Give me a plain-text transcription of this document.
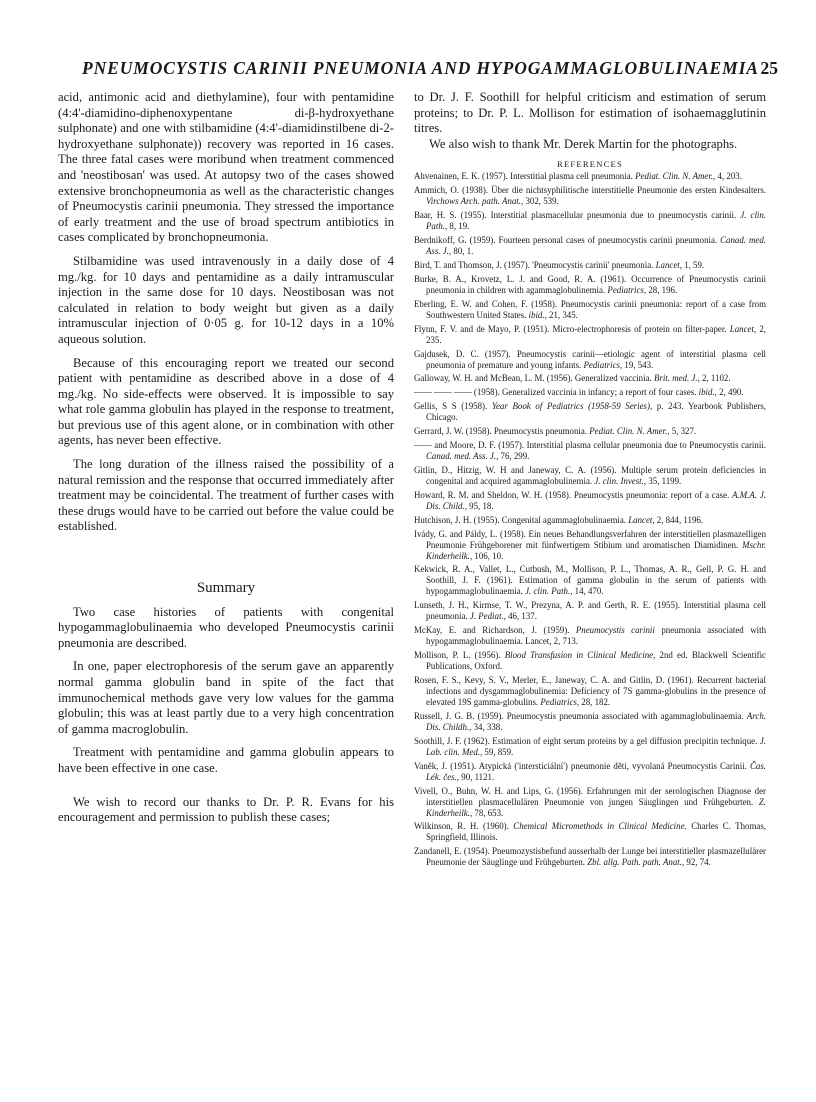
PNEUMOCYSTIS CARINII PNEUMONIA AND HYPOGAMMAGLOBULINAEMIA 25

acid, antimonic acid and diethylamine), four with pentamidine (4:4'-diamidino-diphenoxypentane di-β-hydroxyethane sulphonate) and one with stilbamidine (4:4'-diamidinstilbene di-2-hydroxyethane sulphonate)) recovery was reported in 16 cases. The three fatal cases were moribund when treatment commenced and 'neostibosan' was used. At autopsy two of the cases showed extensive bronchopneumonia as well as the characteristic changes of Pneumocystis carinii pneumonia. They stressed the importance of early treatment and the use of broad spectrum antibiotics in cases complicated by bronchopneumonia.

Stilbamidine was used intravenously in a daily dose of 4 mg./kg. for 10 days and pentamidine as a daily intramuscular injection in the same dose for 10 days. Neostibosan was not calculated in relation to body weight but given as a daily intramuscular injection of 0·05 g. for 10-12 days in a 10% aqueous solution.

Because of this encouraging report we treated our second patient with pentamidine as described above in a dose of 4 mg./kg. No side-effects were observed. It is impossible to say what role gamma globulin has played in the response to treatment, but previous use of this agent alone, or in combination with other agents, has never been effective.

The long duration of the illness raised the possibility of a natural remission and the response that occurred immediately after treatment may be coincidental. The treatment of further cases with these drugs would have to be carried out before the value could be established.

Summary

Two case histories of patients with congenital hypogammaglobulinaemia who developed Pneumocystis carinii pneumonia are described.

In one, paper electrophoresis of the serum gave an apparently normal gamma globulin band in spite of the fact that immunochemical methods gave very low values for the gamma globulin; this was at least partly due to a very high concentration of gamma macroglobulin.

Treatment with pentamidine and gamma globulin appears to have been effective in one case.

We wish to record our thanks to Dr. P. R. Evans for his encouragement and permission to publish these cases;

to Dr. J. F. Soothill for helpful criticism and estimation of serum proteins; to Dr. P. L. Mollison for estimation of isohaemagglutinin titres.

We also wish to thank Mr. Derek Martin for the photographs.

REFERENCES

Ahvenainen, E. K. (1957). Interstitial plasma cell pneumonia. Pediat. Clin. N. Amer., 4, 203.

Ammich, O. (1938). Über die nichtsyphilitische interstitielle Pneumonie des ersten Kindesalters. Virchows Arch. path. Anat., 302, 539.

Baar, H. S. (1955). Interstitial plasmacellular pneumonia due to pneumocystis carinii. J. clin. Path., 8, 19.

Berdnikoff, G. (1959). Fourteen personal cases of pneumocystis carinii pneumonia. Canad. med. Ass. J., 80, 1.

Bird, T. and Thomson, J. (1957). 'Pneumocystis carinii' pneumonia. Lancet, 1, 59.

Burke, B. A., Krovetz, L. J. and Good, R. A. (1961). Occurrence of Pneumocystis carinii pneumonia in children with agammaglobulinemia. Pediatrics, 28, 196.

Eberling, E. W. and Cohen, F. (1958). Pneumocystis carinii pneumonia: report of a case from Southwestern United States. ibid., 21, 345.

Flynn, F. V. and de Mayo, P. (1951). Micro-electrophoresis of protein on filter-paper. Lancet, 2, 235.

Gajdusek, D. C. (1957). Pneumocystis carinii—etiologic agent of interstitial plasma cell pneumonia of premature and young infants. Pediatrics, 19, 543.

Galloway, W. H. and McBean, L. M. (1956). Generalized vaccinia. Brit. med. J., 2, 1102.

—— —— —— (1958). Generalized vaccinia in infancy; a report of four cases. ibid., 2, 490.

Gellis, S S (1958). Year Book of Pediatrics (1958-59 Series), p. 243. Yearbook Publishers, Chicago.

Gerrard, J. W. (1958). Pneumocystis pneumonia. Pediat. Clin. N. Amer., 5, 327.

—— and Moore, D. F. (1957). Interstitial plasma cellular pneumonia due to Pneumocystis carinii. Canad. med. Ass. J., 76, 299.

Gitlin, D., Hitzig, W. H and Janeway, C. A. (1956). Multiple serum protein deficiencies in congenital and acquired agammaglobulinemia. J. clin. Invest., 35, 1199.

Howard, R. M. and Sheldon, W. H. (1958). Pneumocystis pneumonia: report of a case. A.M.A. J. Dis. Child., 95, 18.

Hutchison, J. H. (1955). Congenital agammaglobulinaemia. Lancet, 2, 844, 1196.

Ivády, G. and Páldy, L. (1958). Ein neues Behandlungsverfahren der interstitiellen plasmazelligen Pneumonie Frühgeborener mit fünfwertigem Stibium und aromatischen Diamidinen. Mschr. Kinderheilk., 106, 10.

Kekwick, R. A., Vallet, L., Cutbush, M., Mollison, P. L., Thomas, A. R., Gell, P. G. H. and Soothill, J. F. (1961). Estimation of gamma globulin in the serum of patients with hypogammaglobulinaemia. J. clin. Path., 14, 470.

Lunseth, J. H., Kirmse, T. W., Prezyna, A. P. and Gerth, R. E. (1955). Interstitial plasma cell pneumonia. J. Pediat., 46, 137.

McKay, E. and Richardson, J. (1959). Pneumocystis carinii pneumonia associated with hypogammaglobulinaemia. Lancet, 2, 713.

Mollison, P. L. (1956). Blood Transfusion in Clinical Medicine, 2nd ed. Blackwell Scientific Publications, Oxford.

Rosen, F. S., Kevy, S. V., Merler, E., Janeway, C. A. and Gitlin, D. (1961). Recurrent bacterial infections and dysgammaglobulinemia: Deficiency of 7S gamma-globulins in the presence of elevated 19S gamma-globulins. Pediatrics, 28, 182.

Russell, J. G. B. (1959). Pneumocystis pneumonia associated with agammaglobulinaemia. Arch. Dis. Childh., 34, 338.

Soothill, J. F. (1962). Estimation of eight serum proteins by a gel diffusion precipitin technique. J. Lab. clin. Med., 59, 859.

Vaněk, J. (1951). Atypická ('intersticiální') pneumonie dětí, vyvolaná Pneumocystis Carinii. Čas. Lék. čes., 90, 1121.

Vivell, O., Buhn, W. H. and Lips, G. (1956). Erfahrungen mit der serologischen Diagnose der interstitiellen plasmacellulären Pneumonie von jungen Säuglingen und Frühgeburten. Z. Kinderheilk., 78, 653.

Wilkinson, R. H. (1960). Chemical Micromethods in Clinical Medicine. Charles C. Thomas, Springfield, Illinois.

Zandanell, E. (1954). Pneumozystisbefund ausserhalb der Lunge bei interstitieller plasmazellulärer Pneumonie der Säuglinge und Frühgeburten. Zbl. allg. Path. path. Anat., 92, 74.
